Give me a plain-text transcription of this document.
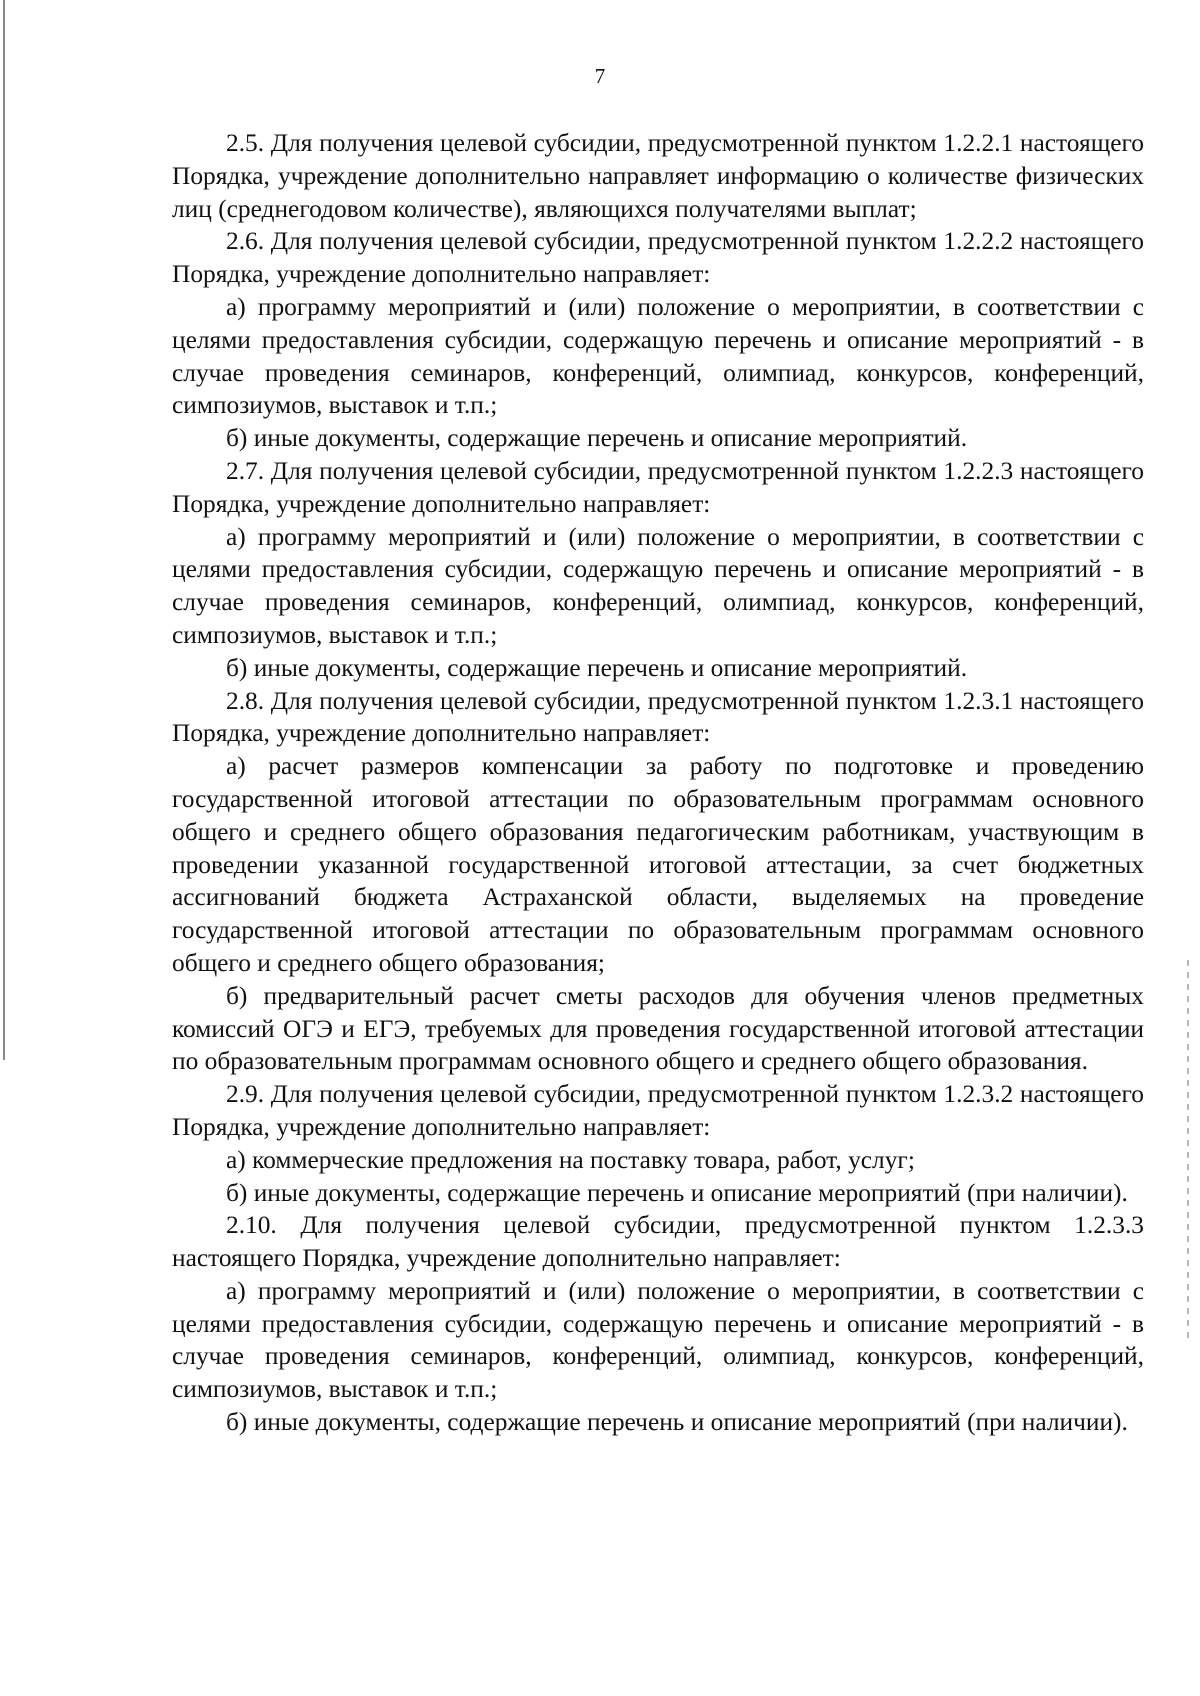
7

2.5. Для получения целевой субсидии, предусмотренной пунктом 1.2.2.1 настоящего Порядка, учреждение дополнительно направляет информацию о количестве физических лиц (среднегодовом количестве), являющихся получателями выплат;

2.6. Для получения целевой субсидии, предусмотренной пунктом 1.2.2.2 настоящего Порядка, учреждение дополнительно направляет:

а) программу мероприятий и (или) положение о мероприятии, в соответствии с целями предоставления субсидии, содержащую перечень и описание мероприятий - в случае проведения семинаров, конференций, олимпиад, конкурсов, конференций, симпозиумов, выставок и т.п.;

б) иные документы, содержащие перечень и описание мероприятий.

2.7. Для получения целевой субсидии, предусмотренной пунктом 1.2.2.3 настоящего Порядка, учреждение дополнительно направляет:

а) программу мероприятий и (или) положение о мероприятии, в соответствии с целями предоставления субсидии, содержащую перечень и описание мероприятий - в случае проведения семинаров, конференций, олимпиад, конкурсов, конференций, симпозиумов, выставок и т.п.;

б) иные документы, содержащие перечень и описание мероприятий.

2.8. Для получения целевой субсидии, предусмотренной пунктом 1.2.3.1 настоящего Порядка, учреждение дополнительно направляет:

а) расчет размеров компенсации за работу по подготовке и проведению государственной итоговой аттестации по образовательным программам основного общего и среднего общего образования педагогическим работникам, участвующим в проведении указанной государственной итоговой аттестации, за счет бюджетных ассигнований бюджета Астраханской области, выделяемых на проведение государственной итоговой аттестации по образовательным программам основного общего и среднего общего образования;

б) предварительный расчет сметы расходов для обучения членов предметных комиссий ОГЭ и ЕГЭ, требуемых для проведения государственной итоговой аттестации по образовательным программам основного общего и среднего общего образования.

2.9. Для получения целевой субсидии, предусмотренной пунктом 1.2.3.2 настоящего Порядка, учреждение дополнительно направляет:

а) коммерческие предложения на поставку товара, работ, услуг;

б) иные документы, содержащие перечень и описание мероприятий (при наличии).

2.10. Для получения целевой субсидии, предусмотренной пунктом 1.2.3.3 настоящего Порядка, учреждение дополнительно направляет:

а) программу мероприятий и (или) положение о мероприятии, в соответствии с целями предоставления субсидии, содержащую перечень и описание мероприятий - в случае проведения семинаров, конференций, олимпиад, конкурсов, конференций, симпозиумов, выставок и т.п.;

б) иные документы, содержащие перечень и описание мероприятий (при наличии).
